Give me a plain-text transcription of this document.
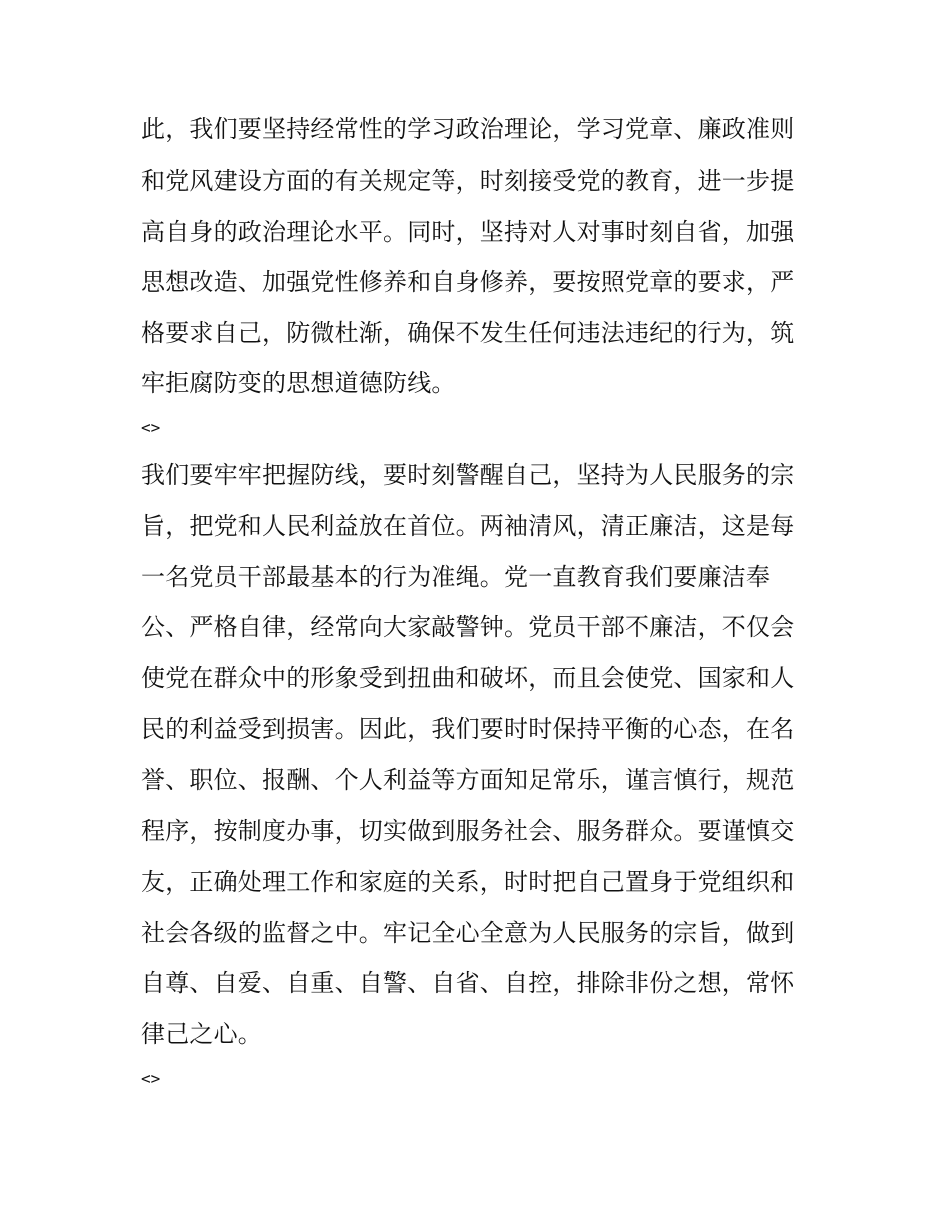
此，我们要坚持经常性的学习政治理论，学习党章、廉政准则
和党风建设方面的有关规定等，时刻接受党的教育，进一步提
高自身的政治理论水平。同时，坚持对人对事时刻自省，加强
思想改造、加强党性修养和自身修养，要按照党章的要求，严
格要求自己，防微杜渐，确保不发生任何违法违纪的行为，筑
牢拒腐防变的思想道德防线。
<>
我们要牢牢把握防线，要时刻警醒自己，坚持为人民服务的宗
旨，把党和人民利益放在首位。两袖清风，清正廉洁，这是每
一名党员干部最基本的行为准绳。党一直教育我们要廉洁奉
公、严格自律，经常向大家敲警钟。党员干部不廉洁，不仅会
使党在群众中的形象受到扭曲和破坏，而且会使党、国家和人
民的利益受到损害。因此，我们要时时保持平衡的心态，在名
誉、职位、报酬、个人利益等方面知足常乐，谨言慎行，规范
程序，按制度办事，切实做到服务社会、服务群众。要谨慎交
友，正确处理工作和家庭的关系，时时把自己置身于党组织和
社会各级的监督之中。牢记全心全意为人民服务的宗旨，做到
自尊、自爱、自重、自警、自省、自控，排除非份之想，常怀
律己之心。
<>
